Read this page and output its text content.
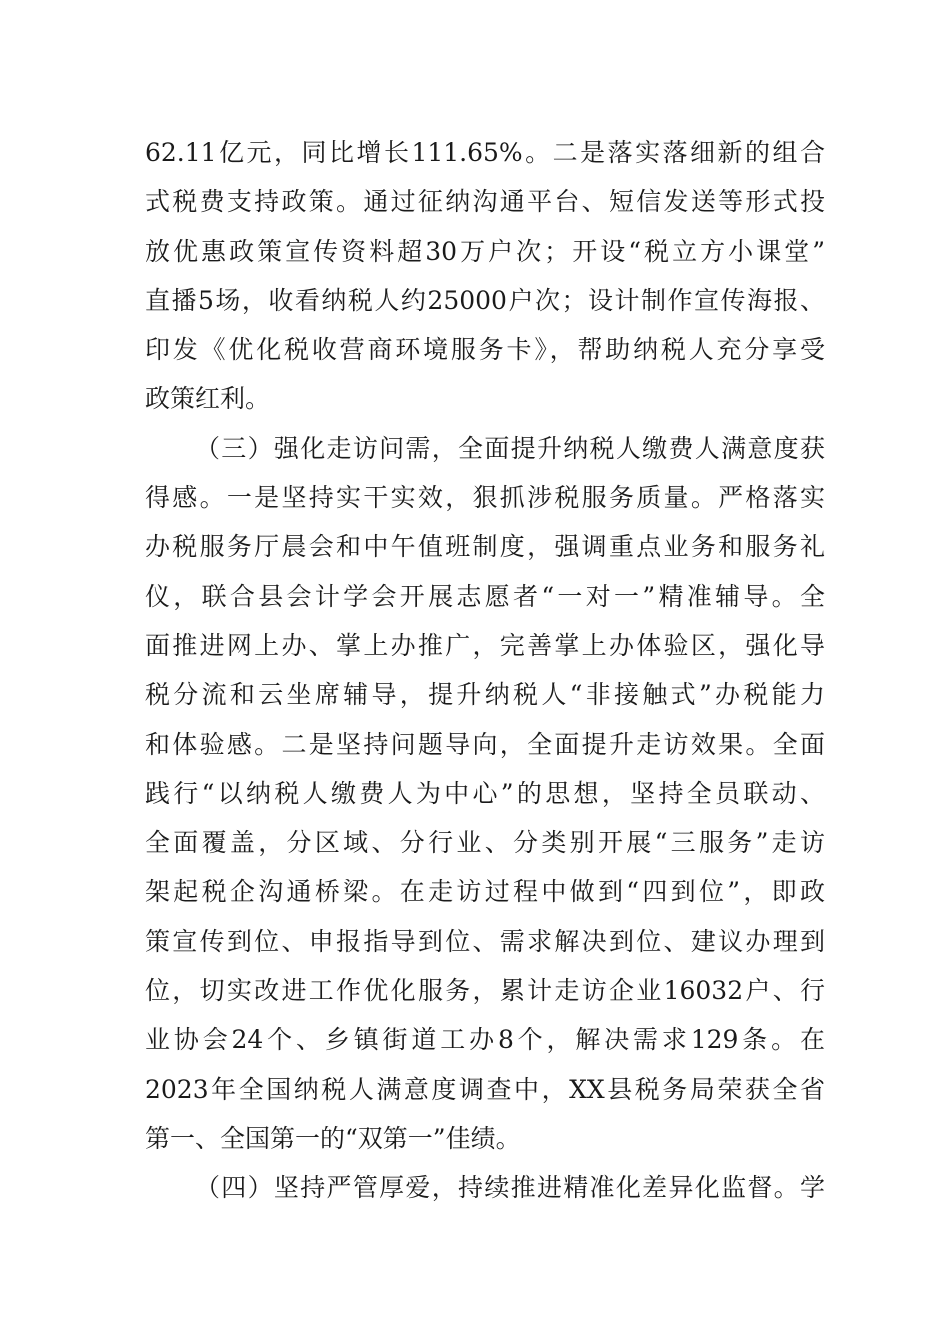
62.11亿元，同比增长111.65%。二是落实落细新的组合
式税费支持政策。通过征纳沟通平台、短信发送等形式投
放优惠政策宣传资料超30万户次；开设“税立方小课堂”
直播5场，收看纳税人约25000户次；设计制作宣传海报、
印发《优化税收营商环境服务卡》，帮助纳税人充分享受
政策红利。
（三）强化走访问需，全面提升纳税人缴费人满意度获
得感。一是坚持实干实效，狠抓涉税服务质量。严格落实
办税服务厅晨会和中午值班制度，强调重点业务和服务礼
仪，联合县会计学会开展志愿者“一对一”精准辅导。全
面推进网上办、掌上办推广，完善掌上办体验区，强化导
税分流和云坐席辅导，提升纳税人“非接触式”办税能力
和体验感。二是坚持问题导向，全面提升走访效果。全面
践行“以纳税人缴费人为中心”的思想，坚持全员联动、
全面覆盖，分区域、分行业、分类别开展“三服务”走访
架起税企沟通桥梁。在走访过程中做到“四到位”，即政
策宣传到位、申报指导到位、需求解决到位、建议办理到
位，切实改进工作优化服务，累计走访企业16032户、行
业协会24个、乡镇街道工办8个，解决需求129条。在
2023年全国纳税人满意度调查中，XX县税务局荣获全省
第一、全国第一的“双第一”佳绩。
（四）坚持严管厚爱，持续推进精准化差异化监督。学
